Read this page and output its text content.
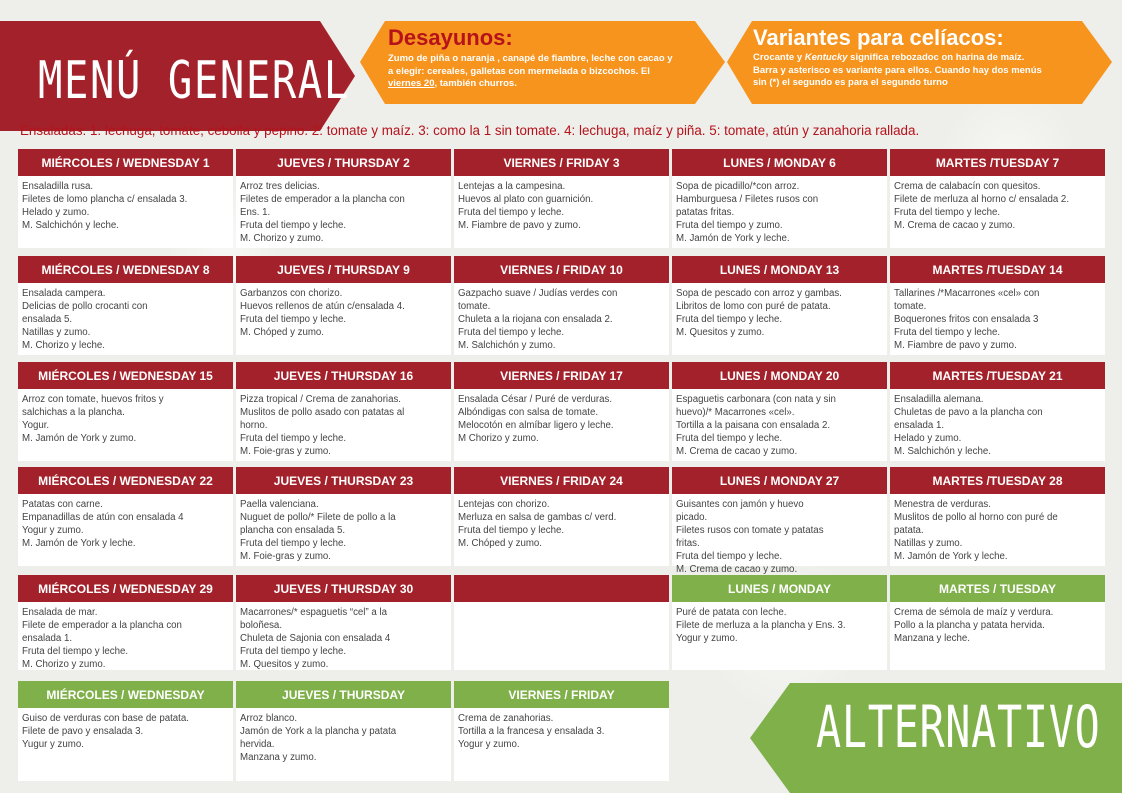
MENÚ GENERAL
Desayunos:
Zumo de piña o naranja , canapé de fiambre, leche con cacao y
a elegir: cereales, galletas con mermelada o bizcochos. El
viernes 20, también churros.
Variantes para celíacos:
Crocante y Kentucky significa rebozadoc on harina de maíz.
Barra y asterisco es variante para ellos. Cuando hay dos menús
sin (*) el segundo es para el segundo turno
Ensaladas: 1: lechuga, tomate, cebolla y pepino. 2: tomate y maíz. 3: como la 1 sin tomate. 4: lechuga, maíz y piña. 5: tomate, atún y zanahoria rallada.
MIÉRCOLES / WEDNESDAY 1
Ensaladilla rusa.
Filetes de lomo plancha c/ ensalada 3.
Helado y zumo.
M. Salchichón y leche.
JUEVES / THURSDAY 2
Arroz tres delicias.
Filetes de emperador a la plancha con
Ens. 1.
Fruta del tiempo y leche.
M. Chorizo y zumo.
VIERNES / FRIDAY 3
Lentejas a la campesina.
Huevos al plato con guarnición.
Fruta del tiempo y leche.
M. Fiambre de pavo y zumo.
LUNES / MONDAY 6
Sopa de picadillo/*con arroz.
Hamburguesa / Filetes rusos con
patatas fritas.
Fruta del tiempo y zumo.
M. Jamón de York y leche.
MARTES /TUESDAY 7
Crema de calabacín con quesitos.
Filete de merluza al horno c/ ensalada 2.
Fruta del tiempo y leche.
M. Crema de cacao y zumo.
MIÉRCOLES / WEDNESDAY 8
Ensalada campera.
Delicias de pollo crocanti con
ensalada 5.
Natillas y zumo.
M. Chorizo y leche.
JUEVES / THURSDAY 9
Garbanzos con chorizo.
Huevos rellenos de atún c/ensalada 4.
Fruta del tiempo y leche.
M. Chóped y zumo.
VIERNES / FRIDAY 10
Gazpacho suave / Judías verdes con
tomate.
Chuleta a la riojana con ensalada 2.
Fruta del tiempo y leche.
M. Salchichón y zumo.
LUNES / MONDAY 13
Sopa de pescado con arroz y gambas.
Libritos de lomo con puré de patata.
Fruta del tiempo y leche.
M. Quesitos y zumo.
MARTES /TUESDAY 14
Tallarines /*Macarrones «cel» con
tomate.
Boquerones fritos con ensalada 3
Fruta del tiempo y leche.
M. Fiambre de pavo y zumo.
MIÉRCOLES / WEDNESDAY 15
Arroz con tomate, huevos fritos y
salchichas a la plancha.
Yogur.
M. Jamón de York y zumo.
JUEVES / THURSDAY 16
Pizza tropical / Crema de zanahorias.
Muslitos de pollo asado con patatas al
horno.
Fruta del tiempo y leche.
M. Foie-gras y zumo.
VIERNES / FRIDAY 17
Ensalada César / Puré de verduras.
Albóndigas con salsa de tomate.
Melocotón en almíbar ligero y leche.
M Chorizo y zumo.
LUNES / MONDAY 20
Espaguetis carbonara (con nata y sin
huevo)/* Macarrones «cel».
Tortilla a la paisana con ensalada 2.
Fruta del tiempo y leche.
M. Crema de cacao y zumo.
MARTES /TUESDAY 21
Ensaladilla alemana.
Chuletas de pavo a la plancha con
ensalada 1.
Helado y zumo.
M. Salchichón y leche.
MIÉRCOLES / WEDNESDAY 22
Patatas con carne.
Empanadillas de atún con ensalada 4
Yogur y zumo.
M. Jamón de York y leche.
JUEVES / THURSDAY 23
Paella valenciana.
Nuguet de pollo/* Filete de pollo a la
plancha con ensalada 5.
Fruta del tiempo y leche.
M. Foie-gras y zumo.
VIERNES / FRIDAY 24
Lentejas con chorizo.
Merluza en salsa de gambas c/ verd.
Fruta del tiempo y leche.
M. Chóped y zumo.
LUNES / MONDAY 27
Guisantes con jamón y huevo
picado.
Filetes rusos con tomate y patatas
fritas.
Fruta del tiempo y leche.
M. Crema de cacao y zumo.
MARTES /TUESDAY 28
Menestra de verduras.
Muslitos de pollo al horno con puré de
patata.
Natillas y zumo.
M. Jamón de York y leche.
MIÉRCOLES / WEDNESDAY 29
Ensalada de mar.
Filete de emperador a la plancha con
ensalada 1.
Fruta del tiempo y leche.
M. Chorizo y zumo.
JUEVES / THURSDAY 30
Macarrones/* espaguetis “cel” a la
boloñesa.
Chuleta de Sajonia con ensalada 4
Fruta del tiempo y leche.
M. Quesitos y zumo.
LUNES / MONDAY
Puré de patata con leche.
Filete de merluza a la plancha y Ens. 3.
Yogur y zumo.
MARTES / TUESDAY
Crema de sémola de maíz y verdura.
Pollo a la plancha y patata hervida.
Manzana y leche.
MIÉRCOLES / WEDNESDAY
Guiso de verduras con base de patata.
Filete de pavo y ensalada 3.
Yugur y zumo.
JUEVES / THURSDAY
Arroz blanco.
Jamón de York a la plancha y patata
hervida.
Manzana y zumo.
VIERNES / FRIDAY
Crema de zanahorias.
Tortilla a la francesa y ensalada 3.
Yogur y zumo.	ALTERNATIVO
